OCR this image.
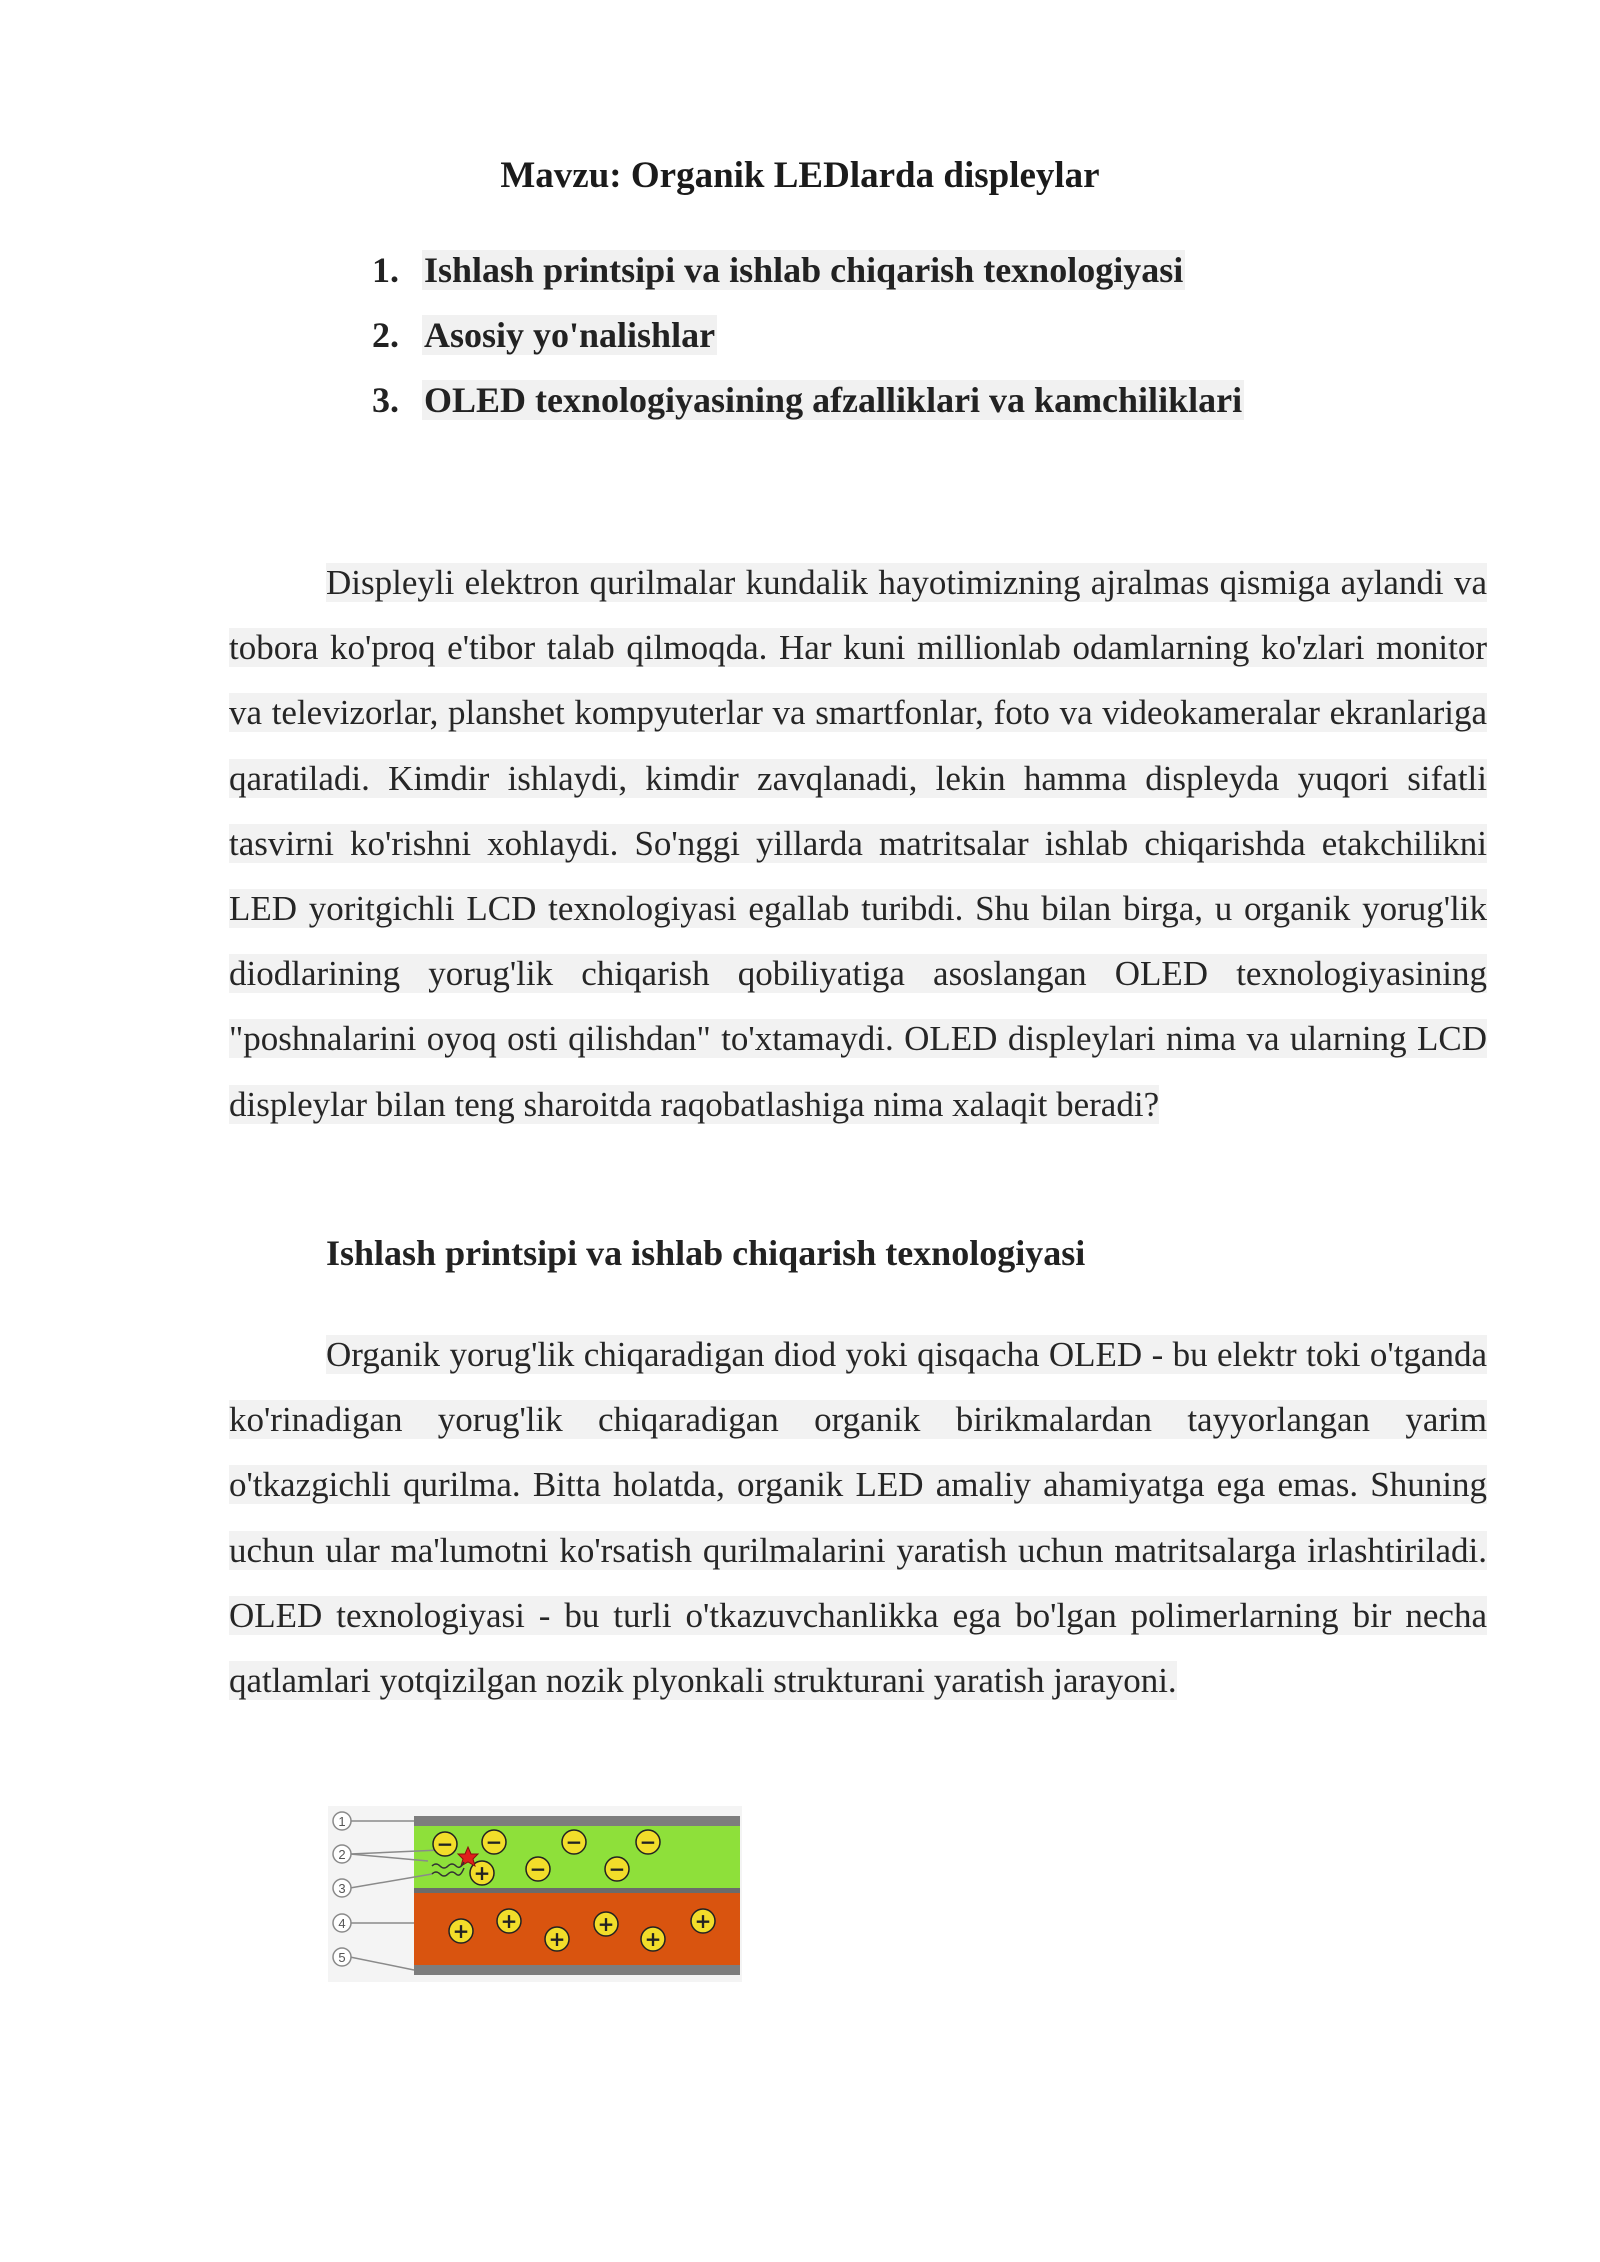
Mavzu: Organik LEDlarda displeylar
1. Ishlash printsipi va ishlab chiqarish texnologiyasi
2. Asosiy yo'nalishlar
3. OLED texnologiyasining afzalliklari va kamchiliklari
Displeyli elektron qurilmalar kundalik hayotimizning ajralmas qismiga aylandi va tobora ko'proq e'tibor talab qilmoqda. Har kuni millionlab odamlarning ko'zlari monitor va televizorlar, planshet kompyuterlar va smartfonlar, foto va videokameralar ekranlariga qaratiladi. Kimdir ishlaydi, kimdir zavqlanadi, lekin hamma displeyda yuqori sifatli tasvirni ko'rishni xohlaydi. So'nggi yillarda matritsalar ishlab chiqarishda etakchilikni LED yoritgichli LCD texnologiyasi egallab turibdi. Shu bilan birga, u organik yorug'lik diodlarining yorug'lik chiqarish qobiliyatiga asoslangan OLED texnologiyasining "poshnalarini oyoq osti qilishdan" to'xtamaydi. OLED displeylari nima va ularning LCD displeylar bilan teng sharoitda raqobatlashiga nima xalaqit beradi?
Ishlash printsipi va ishlab chiqarish texnologiyasi
Organik yorug'lik chiqaradigan diod yoki qisqacha OLED - bu elektr toki o'tganda ko'rinadigan yorug'lik chiqaradigan organik birikmalardan tayyorlangan yarim o'tkazgichli qurilma. Bitta holatda, organik LED amaliy ahamiyatga ega emas. Shuning uchun ular ma'lumotni ko'rsatish qurilmalarini yaratish uchun matritsalarga irlashtiriladi. OLED texnologiyasi - bu turli o'tkazuvchanlikka ega bo'lgan polimerlarning bir necha qatlamlari yotqizilgan nozik plyonkali strukturani yaratish jarayoni.
1
2
3
4
5
− −	−	−
−	−
+
+ +
+
+
+
+
